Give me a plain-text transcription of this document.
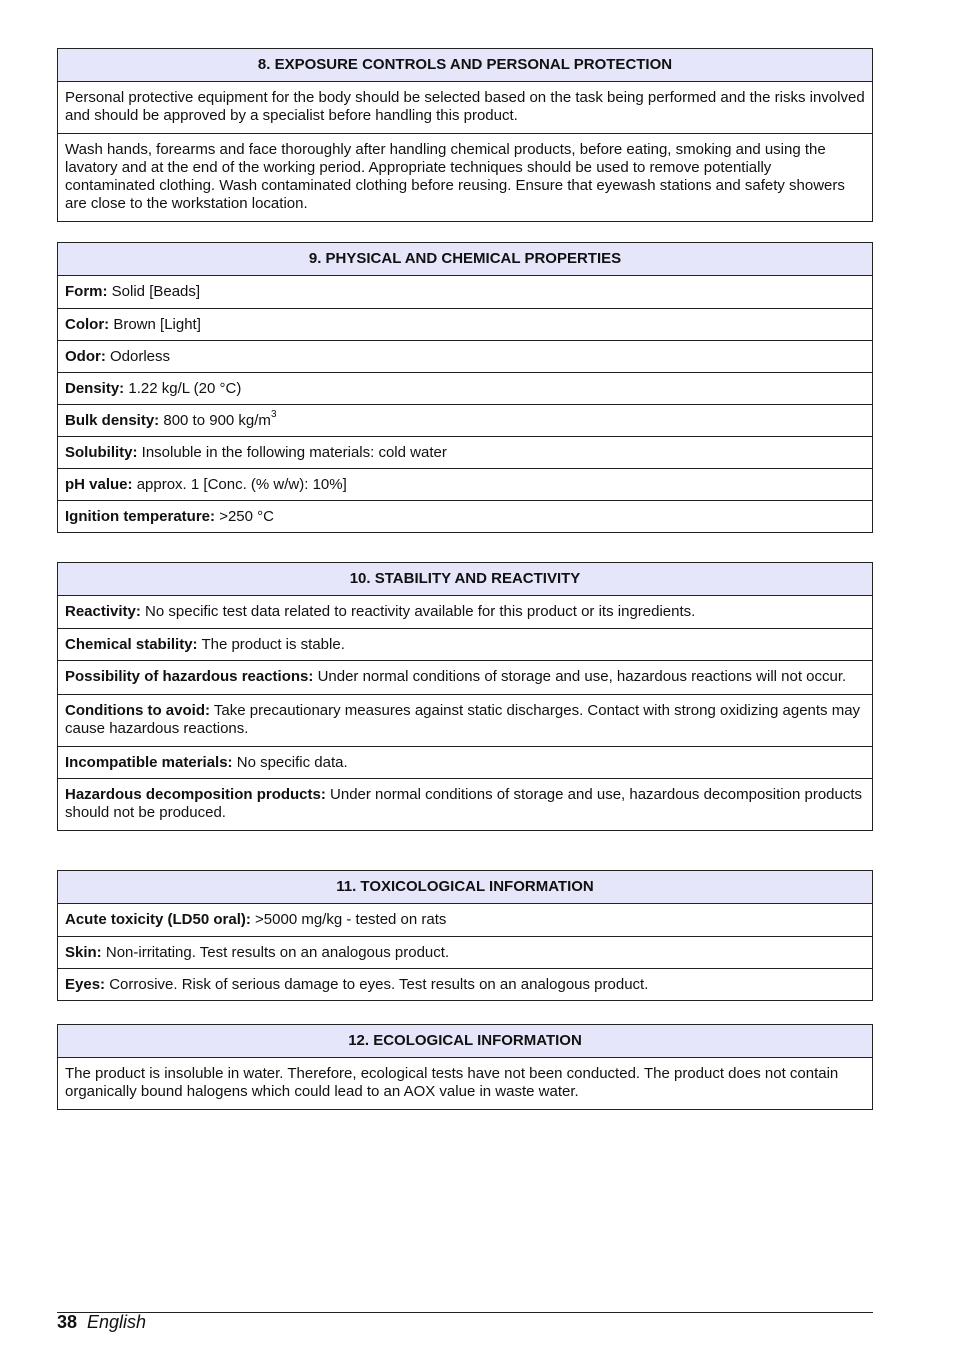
8. EXPOSURE CONTROLS AND PERSONAL PROTECTION
Personal protective equipment for the body should be selected based on the task being performed and the risks involved and should be approved by a specialist before handling this product.
Wash hands, forearms and face thoroughly after handling chemical products, before eating, smoking and using the lavatory and at the end of the working period. Appropriate techniques should be used to remove potentially contaminated clothing. Wash contaminated clothing before reusing. Ensure that eyewash stations and safety showers are close to the workstation location.
9. PHYSICAL AND CHEMICAL PROPERTIES
Form: Solid [Beads]
Color: Brown [Light]
Odor: Odorless
Density: 1.22 kg/L (20 °C)
Bulk density: 800 to 900 $kg/m^3$
Solubility: Insoluble in the following materials: cold water
pH value: approx. 1 [Conc. (% w/w): 10%]
Ignition temperature: >250 °C
10. STABILITY AND REACTIVITY
Reactivity: No specific test data related to reactivity available for this product or its ingredients.
Chemical stability: The product is stable.
Possibility of hazardous reactions: Under normal conditions of storage and use, hazardous reactions will not occur.
Conditions to avoid: Take precautionary measures against static discharges. Contact with strong oxidizing agents may cause hazardous reactions.
Incompatible materials: No specific data.
Hazardous decomposition products: Under normal conditions of storage and use, hazardous decomposition products should not be produced.
11. TOXICOLOGICAL INFORMATION
Acute toxicity (LD50 oral): >5000 mg/kg - tested on rats
Skin: Non-irritating. Test results on an analogous product.
Eyes: Corrosive. Risk of serious damage to eyes. Test results on an analogous product.
12. ECOLOGICAL INFORMATION
The product is insoluble in water. Therefore, ecological tests have not been conducted. The product does not contain organically bound halogens which could lead to an AOX value in waste water.
38 English
